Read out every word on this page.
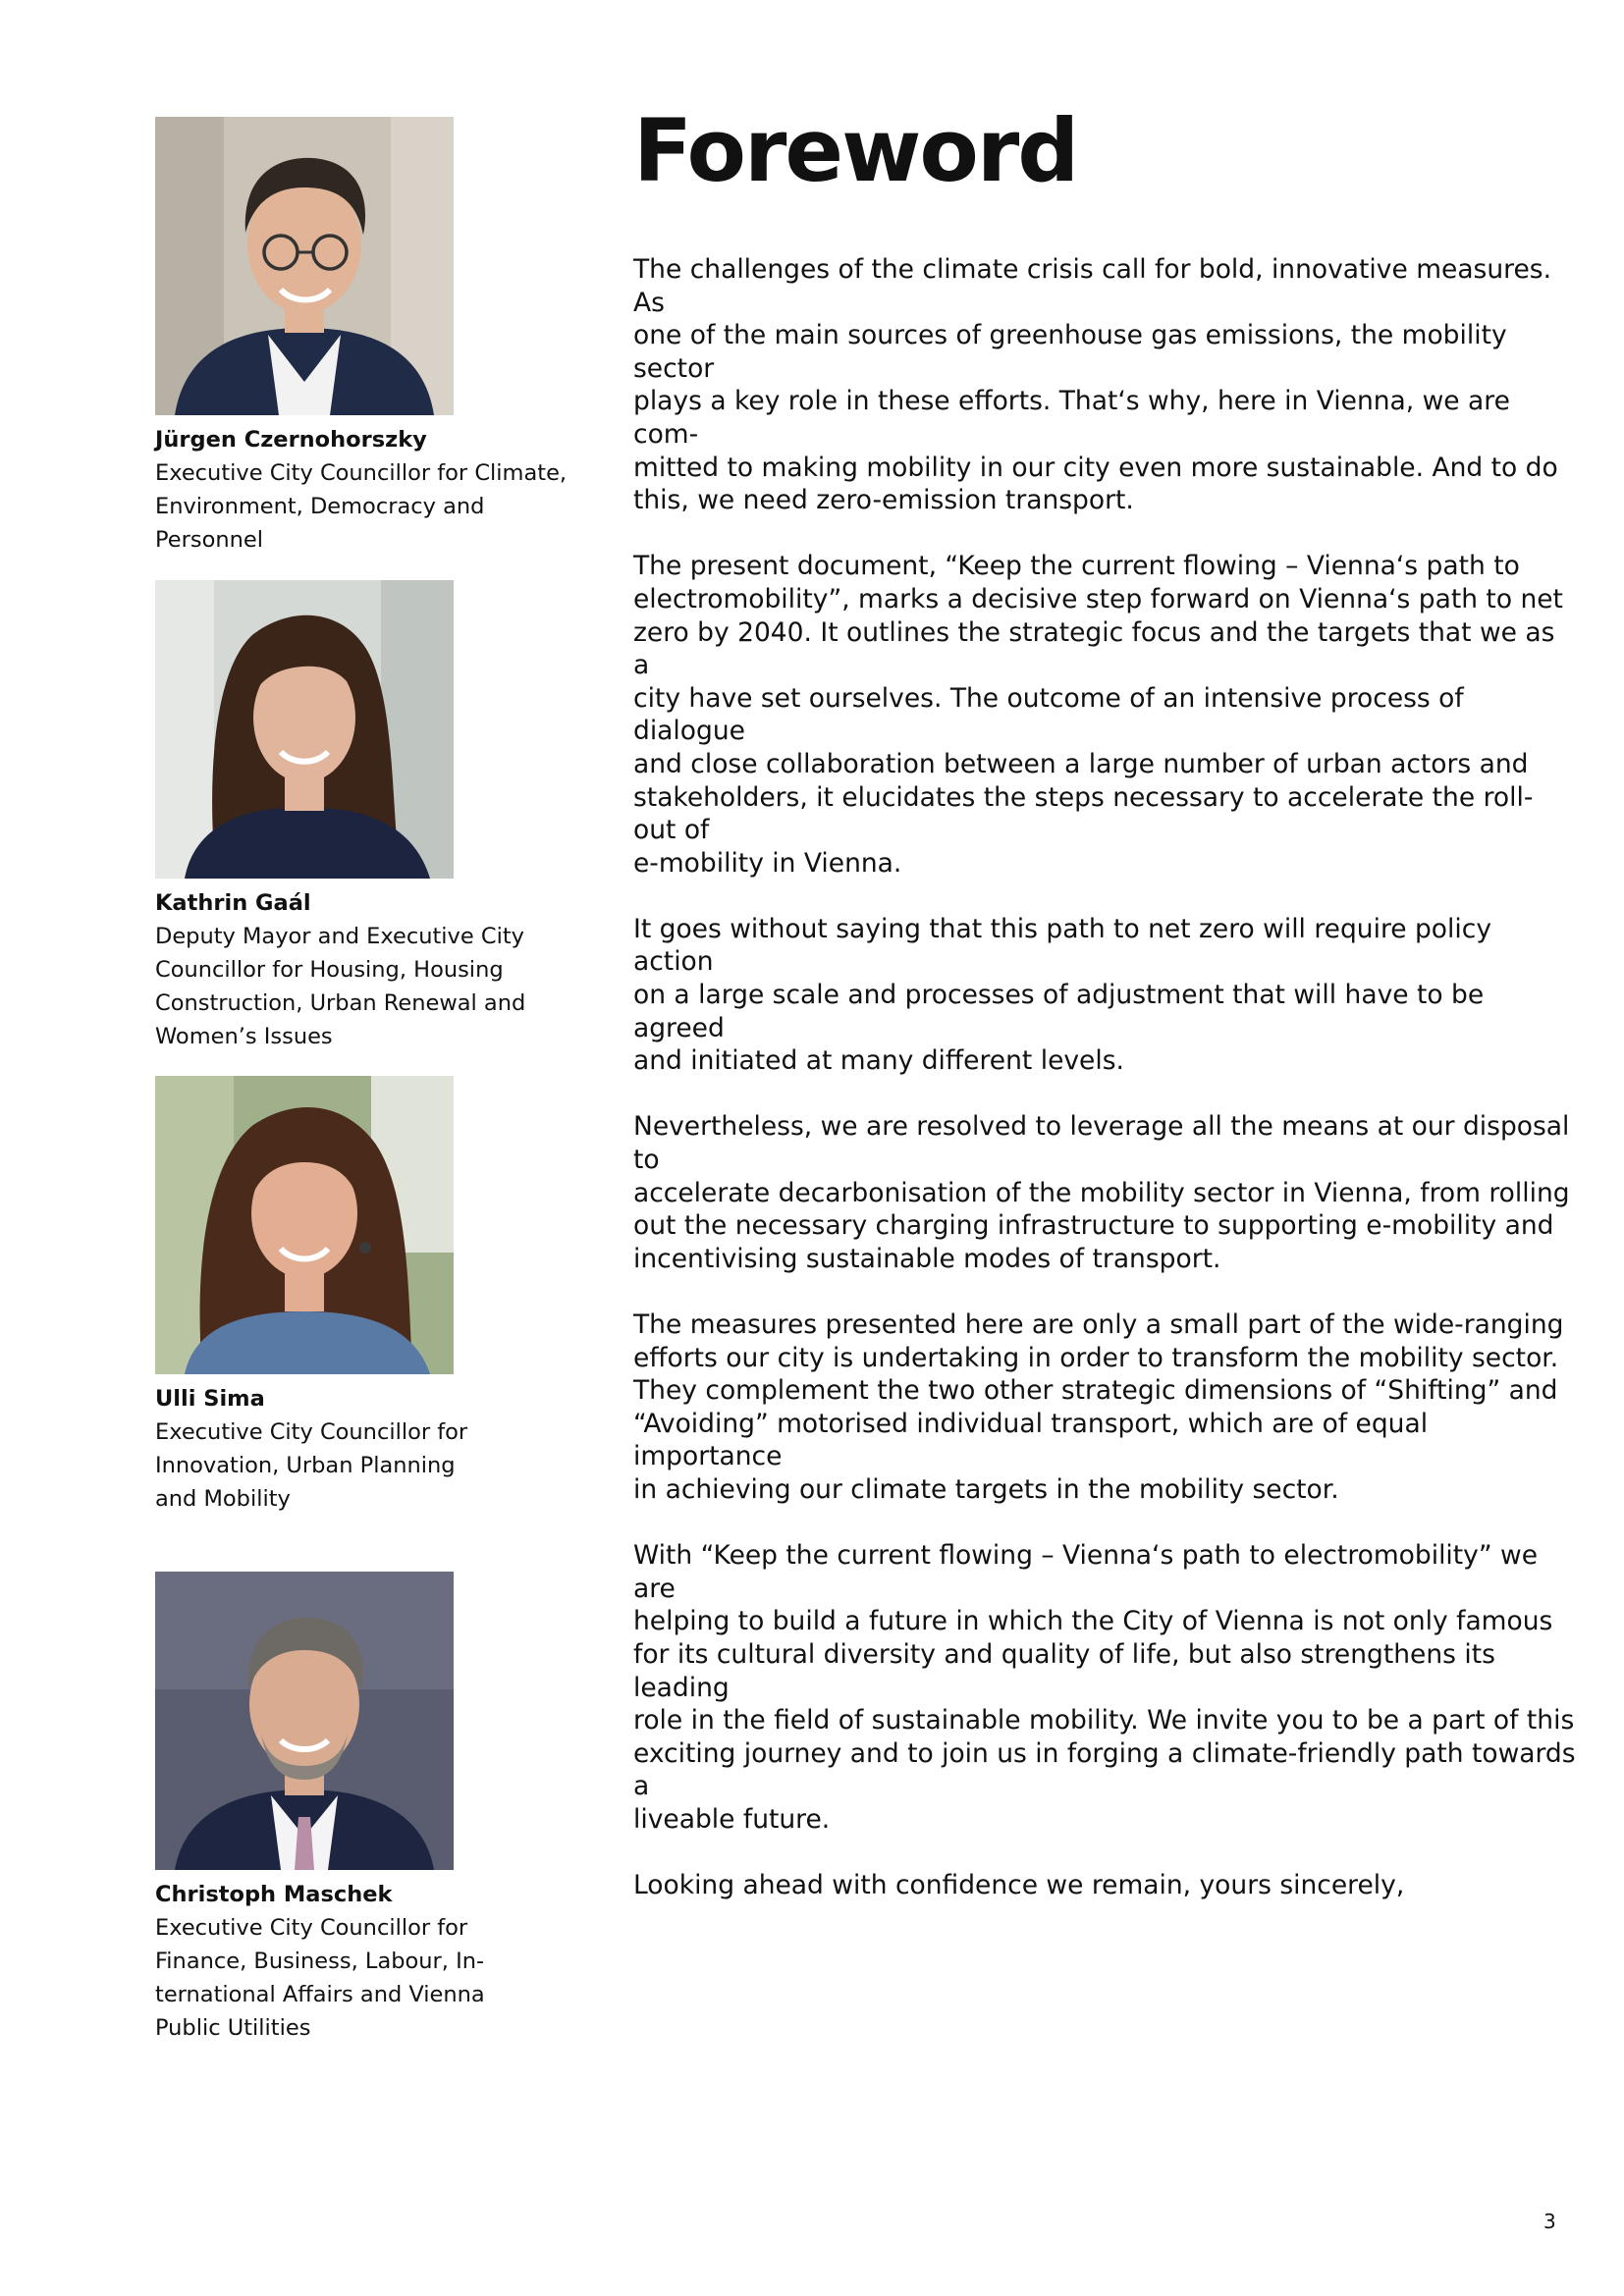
Jürgen Czernohorszky
Executive City Councillor for Climate,
Environment, Democracy and Personnel
Kathrin Gaál
Deputy Mayor and Executive City
Councillor for Housing, Housing
Construction, Urban Renewal and
Women’s Issues
Ulli Sima
Executive City Councillor for
Innovation, Urban Planning
and Mobility
Christoph Maschek
Executive City Councillor for
Finance, Business, Labour, In-
ternational Affairs and Vienna
Public Utilities
Foreword

The challenges of the climate crisis call for bold, innovative measures. As
one of the main sources of greenhouse gas emissions, the mobility sector
plays a key role in these efforts. That‘s why, here in Vienna, we are com-
mitted to making mobility in our city even more sustainable. And to do
this, we need zero-emission transport.

The present document, “Keep the current flowing – Vienna‘s path to
electromobility”, marks a decisive step forward on Vienna‘s path to net
zero by 2040. It outlines the strategic focus and the targets that we as a
city have set ourselves. The outcome of an intensive process of dialogue
and close collaboration between a large number of urban actors and
stakeholders, it elucidates the steps necessary to accelerate the roll-out of
e-mobility in Vienna.

It goes without saying that this path to net zero will require policy action
on a large scale and processes of adjustment that will have to be agreed
and initiated at many different levels.

Nevertheless, we are resolved to leverage all the means at our disposal to
accelerate decarbonisation of the mobility sector in Vienna, from rolling
out the necessary charging infrastructure to supporting e-mobility and
incentivising sustainable modes of transport.

The measures presented here are only a small part of the wide-ranging
efforts our city is undertaking in order to transform the mobility sector.
They complement the two other strategic dimensions of “Shifting” and
“Avoiding” motorised individual transport, which are of equal importance
in achieving our climate targets in the mobility sector.

With “Keep the current flowing – Vienna‘s path to electromobility” we are
helping to build a future in which the City of Vienna is not only famous
for its cultural diversity and quality of life, but also strengthens its leading
role in the field of sustainable mobility. We invite you to be a part of this
exciting journey and to join us in forging a climate-friendly path towards a
liveable future.

Looking ahead with confidence we remain, yours sincerely,

3
